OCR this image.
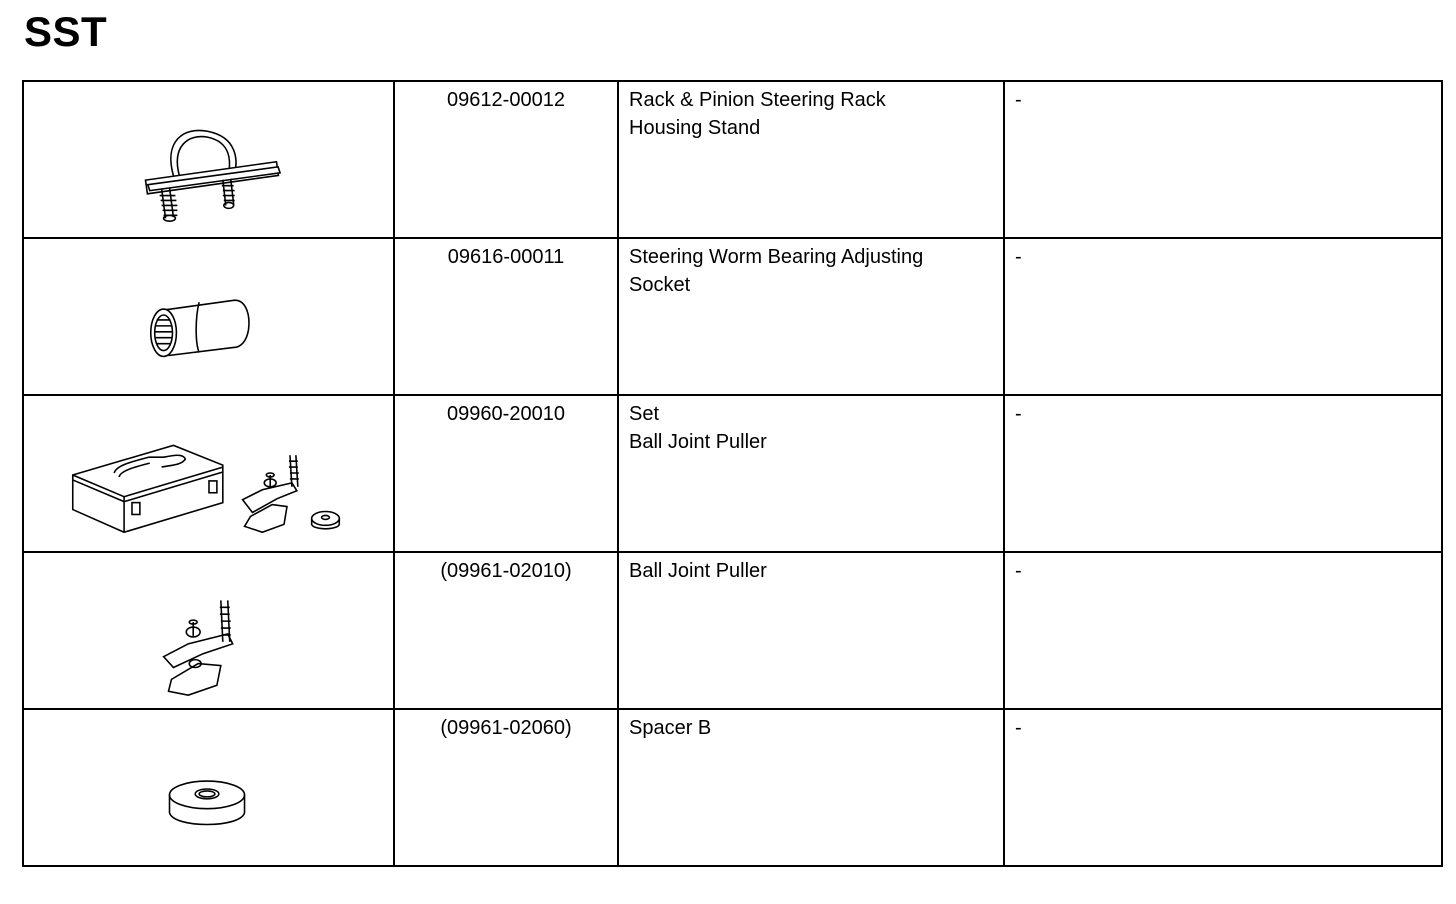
SST

09612-00012	Rack & Pinion Steering Rack
Housing Stand	-

09616-00011	Steering Worm Bearing Adjusting
Socket	-

09960-20010	Set
Ball Joint Puller	-

(09961-02010)	Ball Joint Puller	-

(09961-02060)	Spacer B	-
